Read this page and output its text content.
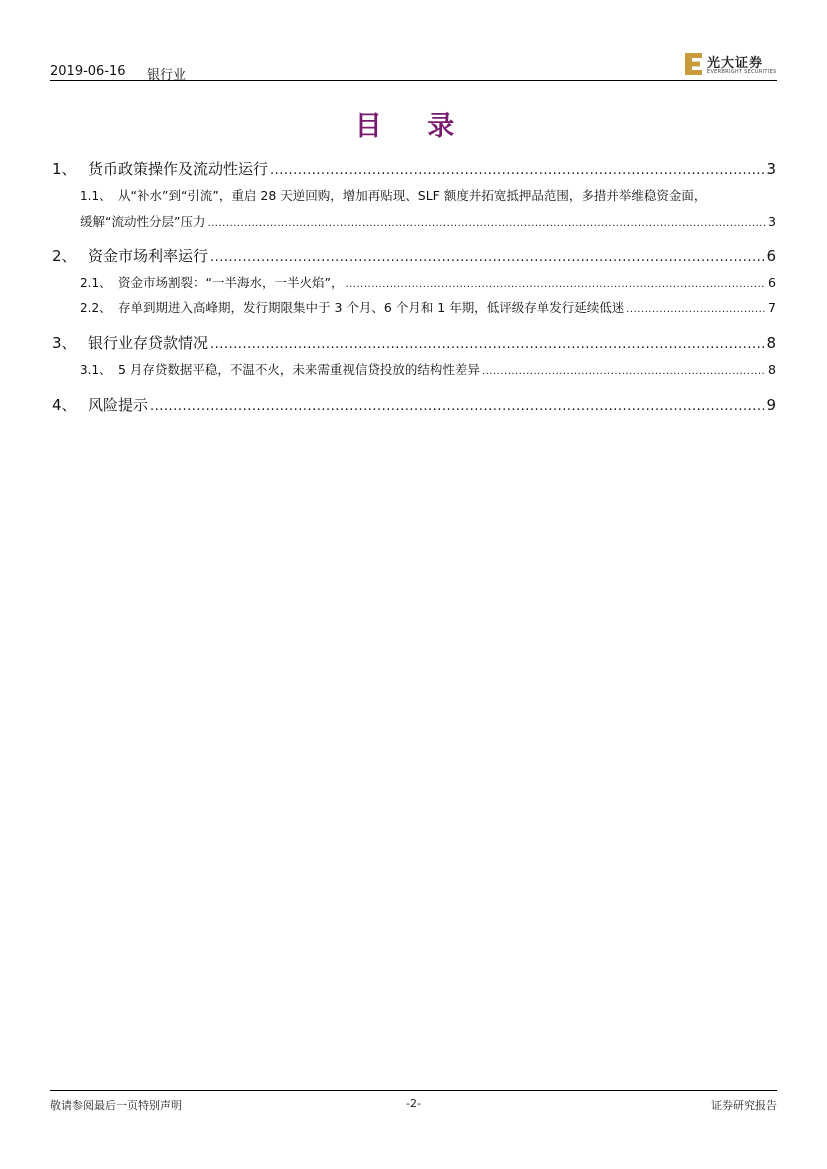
2019-06-16 银行业
光大证券
EVERBRIGHT SECURITIES
目 录
1、 货币政策操作及流动性运行 .....	3
1.1、 从“补水”到“引流”，重启 28 天逆回购，增加再贴现、SLF 额度并拓宽抵押品范围，多措并举维稳资金面，
缓解“流动性分层”压力 .....	3
2、 资金市场利率运行 .....	6
2.1、 资金市场割裂：“一半海水，一半火焰”， .....	6
2.2、 存单到期进入高峰期，发行期限集中于 3 个月、6 个月和 1 年期，低评级存单发行延续低迷 .....	7
3、 银行业存贷款情况 .....	8
3.1、 5 月存贷数据平稳，不温不火，未来需重视信贷投放的结构性差异 .....	8
4、 风险提示 .....	9
敬请参阅最后一页特别声明	-2-	证券研究报告
